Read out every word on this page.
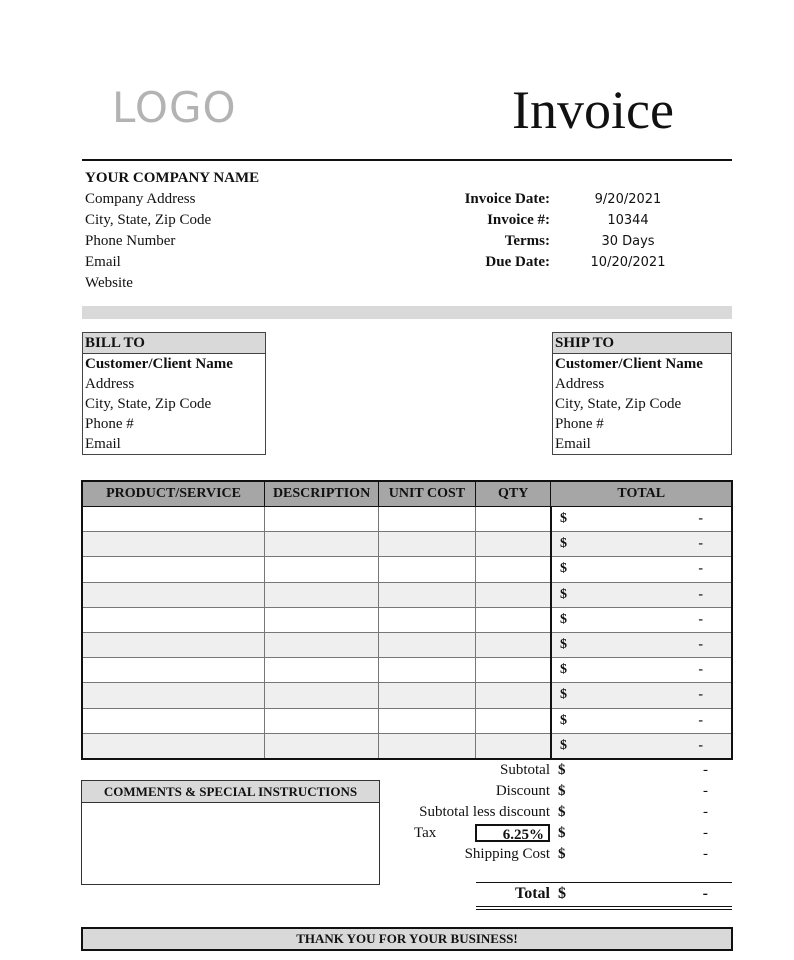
LOGO	Invoice
YOUR COMPANY NAME
Company Address
City, State, Zip Code
Phone Number
Email
Website
Invoice Date:	9/20/2021
Invoice #:	10344
Terms:	30 Days
Due Date:	10/20/2021
BILL TO
Customer/Client Name
Address
City, State, Zip Code
Phone #
Email
SHIP TO
Customer/Client Name
Address
City, State, Zip Code
Phone #
Email
PRODUCT/SERVICE	DESCRIPTION	UNIT COST	QTY	TOTAL

				$ -

				$ -

				$ -

				$ -

				$ -

				$ -

				$ -

				$ -

				$ -

				$ -
COMMENTS & SPECIAL INSTRUCTIONS
Subtotal $	-
Discount $	-
Subtotal less discount $	-
Tax	6.25% $	-
Shipping Cost $	-
Total $	-
THANK YOU FOR YOUR BUSINESS!
